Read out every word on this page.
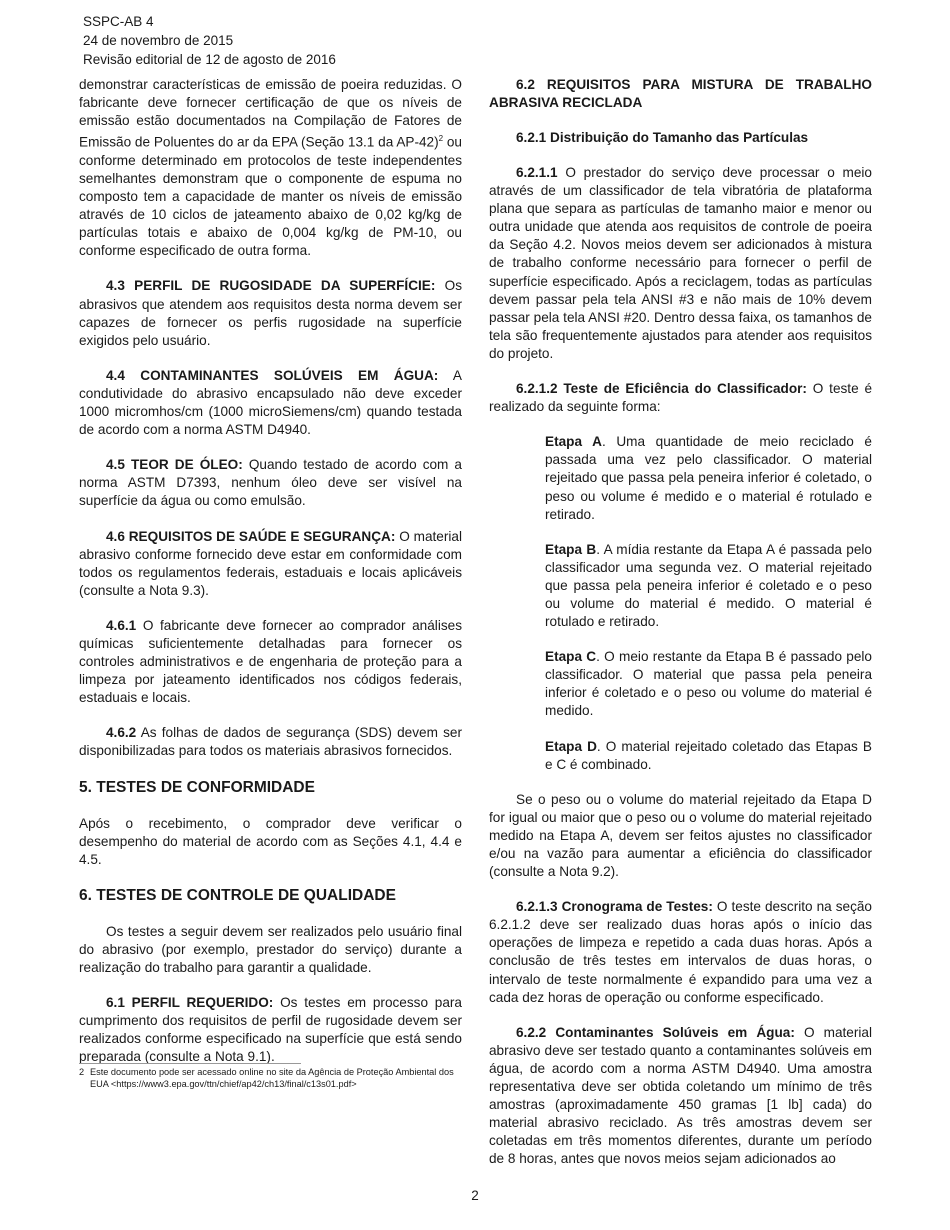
SSPC-AB 4
24 de novembro de 2015
Revisão editorial de 12 de agosto de 2016

demonstrar características de emissão de poeira reduzidas. O fabricante deve fornecer certificação de que os níveis de emissão estão documentados na Compilação de Fatores de Emissão de Poluentes do ar da EPA (Seção 13.1 da AP-42)$^2$ ou conforme determinado em protocolos de teste independentes semelhantes demonstram que o componente de espuma no composto tem a capacidade de manter os níveis de emissão através de 10 ciclos de jateamento abaixo de 0,02 kg/kg de partículas totais e abaixo de 0,004 kg/kg de PM-10, ou conforme especificado de outra forma.

4.3 PERFIL DE RUGOSIDADE DA SUPERFÍCIE: Os abrasivos que atendem aos requisitos desta norma devem ser capazes de fornecer os perfis rugosidade na superfície exigidos pelo usuário.

4.4 CONTAMINANTES SOLÚVEIS EM ÁGUA: A condutividade do abrasivo encapsulado não deve exceder 1000 micromhos/cm (1000 microSiemens/cm) quando testada de acordo com a norma ASTM D4940.

4.5 TEOR DE ÓLEO: Quando testado de acordo com a norma ASTM D7393, nenhum óleo deve ser visível na superfície da água ou como emulsão.

4.6 REQUISITOS DE SAÚDE E SEGURANÇA: O material abrasivo conforme fornecido deve estar em conformidade com todos os regulamentos federais, estaduais e locais aplicáveis (consulte a Nota 9.3).

4.6.1 O fabricante deve fornecer ao comprador análises químicas suficientemente detalhadas para fornecer os controles administrativos e de engenharia de proteção para a limpeza por jateamento identificados nos códigos federais, estaduais e locais.

4.6.2 As folhas de dados de segurança (SDS) devem ser disponibilizadas para todos os materiais abrasivos fornecidos.

5. TESTES DE CONFORMIDADE

Após o recebimento, o comprador deve verificar o desempenho do material de acordo com as Seções 4.1, 4.4 e 4.5.

6. TESTES DE CONTROLE DE QUALIDADE

Os testes a seguir devem ser realizados pelo usuário final do abrasivo (por exemplo, prestador do serviço) durante a realização do trabalho para garantir a qualidade.

6.1 PERFIL REQUERIDO: Os testes em processo para cumprimento dos requisitos de perfil de rugosidade devem ser realizados conforme especificado na superfície que está sendo preparada (consulte a Nota 9.1).

2 Este documento pode ser acessado online no site da Agência de Proteção Ambiental dos EUA <https://www3.epa.gov/ttn/chief/ap42/ch13/final/c13s01.pdf>
6.2 REQUISITOS PARA MISTURA DE TRABALHO ABRASIVA RECICLADA
6.2.1 Distribuição do Tamanho das Partículas

6.2.1.1 O prestador do serviço deve processar o meio através de um classificador de tela vibratória de plataforma plana que separa as partículas de tamanho maior e menor ou outra unidade que atenda aos requisitos de controle de poeira da Seção 4.2. Novos meios devem ser adicionados à mistura de trabalho conforme necessário para fornecer o perfil de superfície especificado. Após a reciclagem, todas as partículas devem passar pela tela ANSI #3 e não mais de 10% devem passar pela tela ANSI #20. Dentro dessa faixa, os tamanhos de tela são frequentemente ajustados para atender aos requisitos do projeto.

6.2.1.2 Teste de Eficiência do Classificador: O teste é realizado da seguinte forma:

Etapa A. Uma quantidade de meio reciclado é passada uma vez pelo classificador. O material rejeitado que passa pela peneira inferior é coletado, o peso ou volume é medido e o material é rotulado e retirado.

Etapa B. A mídia restante da Etapa A é passada pelo classificador uma segunda vez. O material rejeitado que passa pela peneira inferior é coletado e o peso ou volume do material é medido. O material é rotulado e retirado.

Etapa C. O meio restante da Etapa B é passado pelo classificador. O material que passa pela peneira inferior é coletado e o peso ou volume do material é medido.

Etapa D. O material rejeitado coletado das Etapas B e C é combinado.

Se o peso ou o volume do material rejeitado da Etapa D for igual ou maior que o peso ou o volume do material rejeitado medido na Etapa A, devem ser feitos ajustes no classificador e/ou na vazão para aumentar a eficiência do classificador (consulte a Nota 9.2).

6.2.1.3 Cronograma de Testes: O teste descrito na seção 6.2.1.2 deve ser realizado duas horas após o início das operações de limpeza e repetido a cada duas horas. Após a conclusão de três testes em intervalos de duas horas, o intervalo de teste normalmente é expandido para uma vez a cada dez horas de operação ou conforme especificado.

6.2.2 Contaminantes Solúveis em Água: O material abrasivo deve ser testado quanto a contaminantes solúveis em água, de acordo com a norma ASTM D4940. Uma amostra representativa deve ser obtida coletando um mínimo de três amostras (aproximadamente 450 gramas [1 lb] cada) do material abrasivo reciclado. As três amostras devem ser coletadas em três momentos diferentes, durante um período de 8 horas, antes que novos meios sejam adicionados ao

2
